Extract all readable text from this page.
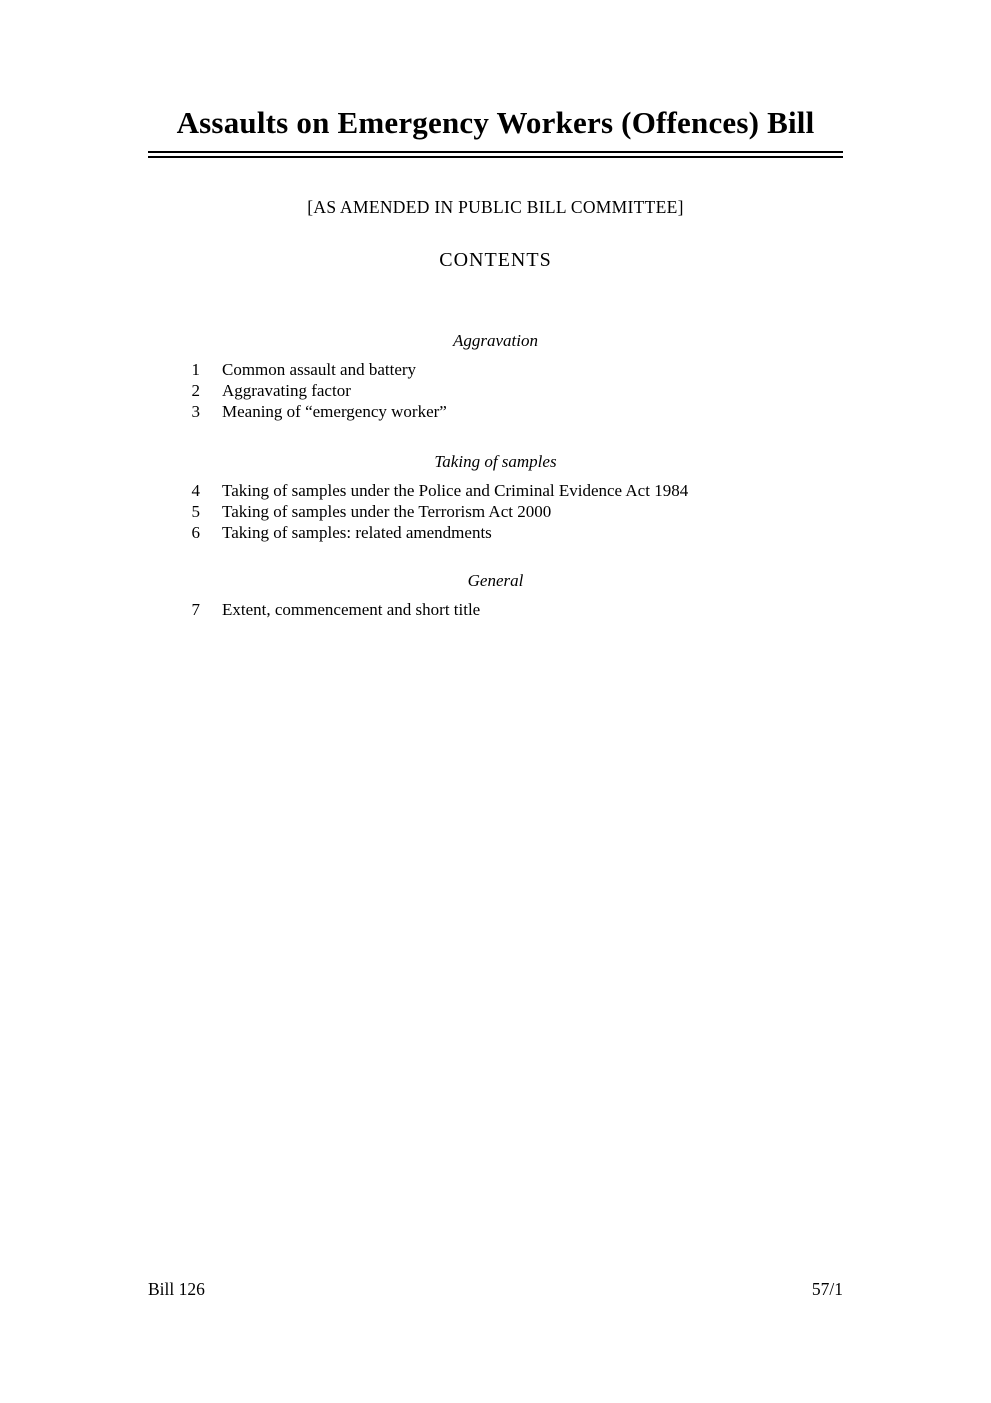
Assaults on Emergency Workers (Offences) Bill
[AS AMENDED IN PUBLIC BILL COMMITTEE]
CONTENTS
Aggravation
1 Common assault and battery
2 Aggravating factor
3 Meaning of “emergency worker”
Taking of samples
4 Taking of samples under the Police and Criminal Evidence Act 1984
5 Taking of samples under the Terrorism Act 2000
6 Taking of samples: related amendments
General
7 Extent, commencement and short title
Bill 126	57/1
